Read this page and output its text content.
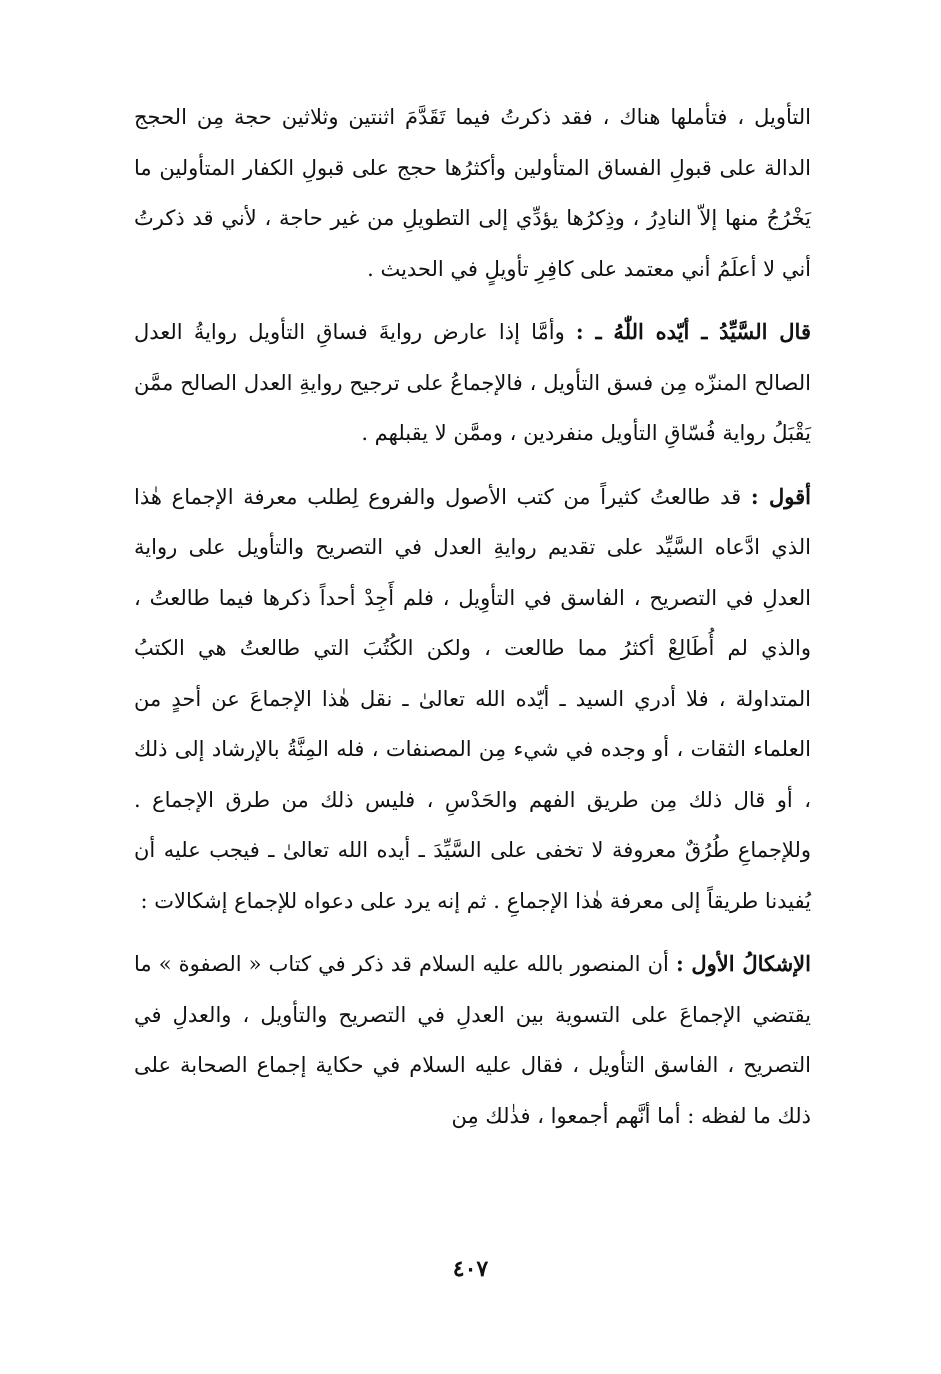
التأويل ، فتأملها هناك ، فقد ذكرتُ فيما تَقَدَّمَ اثنتين وثلاثين حجة مِن الحجج الدالة على قبولِ الفساق المتأولين وأكثرُها حجج على قبولِ الكفار المتأولين ما يَخْرُجُ منها إلاّ النادِرُ ، وذِكرُها يؤدِّي إلى التطويلِ من غير حاجة ، لأني قد ذكرتُ أني لا أعلَمُ أني معتمد على كافِرِ تأويلٍ في الحديث .

قال السَّيِّدُ ـ أيّده اللّٰهُ ـ : وأمَّا إذا عارض روايةَ فساقِ التأويل روايةُ العدل الصالح المنزّه مِن فسق التأويل ، فالإجماعُ على ترجيح روايةِ العدل الصالح ممَّن يَقْبَلُ رواية فُسّاقِ التأويل منفردين ، وممَّن لا يقبلهم .

أقول : قد طالعتُ كثيراً من كتب الأصول والفروع لِطلب معرفة الإجماع هٰذا الذي ادَّعاه السَّيِّد على تقديم روايةِ العدل في التصريح والتأويل على رواية العدلِ في التصريح ، الفاسق في التأوِيل ، فلم أَجِدْ أحداً ذكرها فيما طالعتُ ، والذي لم أُطَالِعْ أكثرُ مما طالعت ، ولكن الكُتُبَ التي طالعتُ هي الكتبُ المتداولة ، فلا أدري السيد ـ أيّده الله تعالىٰ ـ نقل هٰذا الإجماعَ عن أحدٍ من العلماء الثقات ، أو وجده في شيء مِن المصنفات ، فله المِنَّةُ بالإرشاد إلى ذلك ، أو قال ذلك مِن طريق الفهم والحَدْسِ ، فليس ذلك من طرق الإجماع . وللإجماعِ طُرُقٌ معروفة لا تخفى على السَّيِّدَ ـ أيده الله تعالىٰ ـ فيجب عليه أن يُفيدنا طريقاً إلى معرفة هٰذا الإجماعِ . ثم إنه يرد على دعواه للإجماع إشكالات :

الإشكالُ الأول : أن المنصور بالله عليه السلام قد ذكر في كتاب « الصفوة » ما يقتضي الإجماعَ على التسوية بين العدلِ في التصريح والتأويل ، والعدلِ في التصريح ، الفاسق التأويل ، فقال عليه السلام في حكاية إجماع الصحابة على ذلك ما لفظه : أما أنَّهم أجمعوا ، فذٰلك مِن

٤٠٧
